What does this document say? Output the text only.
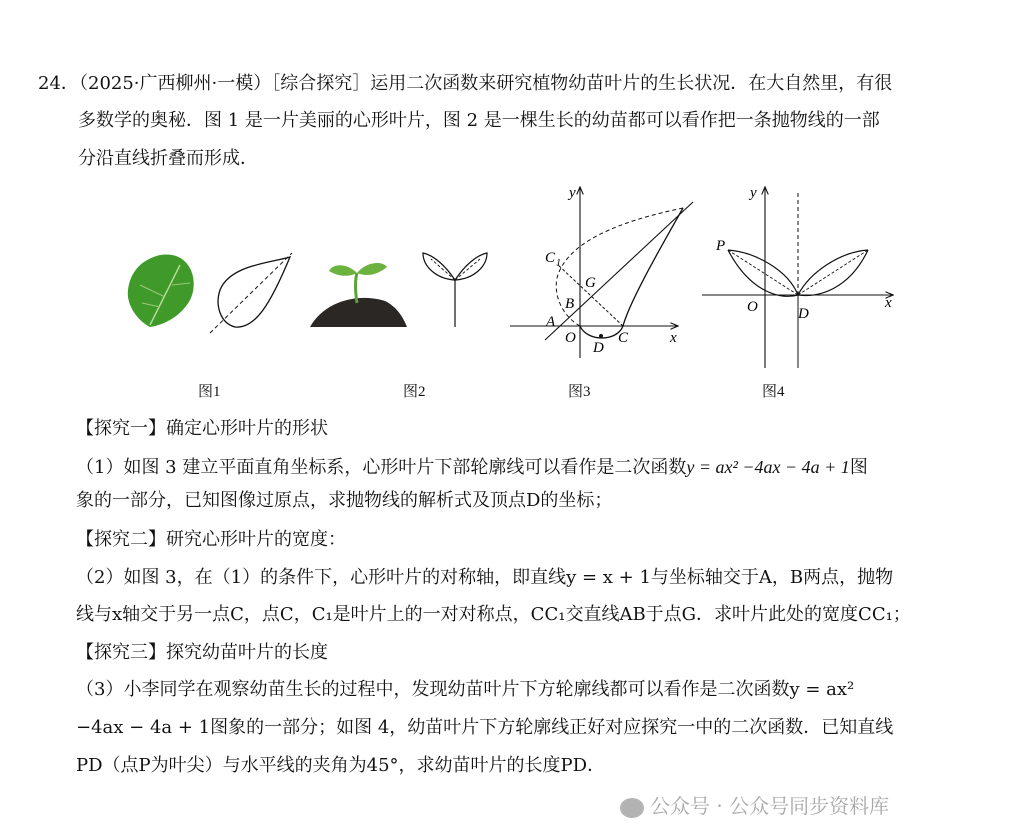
24．
（2025·广西柳州·一模）［综合探究］运用二次函数来研究植物幼苗叶片的生长状况．在大自然里，有很
多数学的奥秘．图 1 是一片美丽的心形叶片，图 2 是一棵生长的幼苗都可以看作把一条抛物线的一部
分沿直线折叠而形成．
y
x
C 1
G
B
A
O
D
C
y
x
P
O	D
图1	图2	图3	图4
【探究一】确定心形叶片的形状
（1）如图 3 建立平面直角坐标系，心形叶片下部轮廓线可以看作是二次函数y = ax² −4ax − 4a + 1图
象的一部分，已知图像过原点，求抛物线的解析式及顶点D的坐标；
【探究二】研究心形叶片的宽度：
（2）如图 3，在（1）的条件下，心形叶片的对称轴，即直线y = x + 1与坐标轴交于A，B两点，抛物
线与x轴交于另一点C，点C，C₁是叶片上的一对对称点，CC₁交直线AB于点G．求叶片此处的宽度CC₁；
【探究三】探究幼苗叶片的长度
（3）小李同学在观察幼苗生长的过程中，发现幼苗叶片下方轮廓线都可以看作是二次函数y = ax²
−4ax − 4a + 1图象的一部分；如图 4，幼苗叶片下方轮廓线正好对应探究一中的二次函数．已知直线
PD（点P为叶尖）与水平线的夹角为45°，求幼苗叶片的长度PD．
公众号 · 公众号同步资料库
